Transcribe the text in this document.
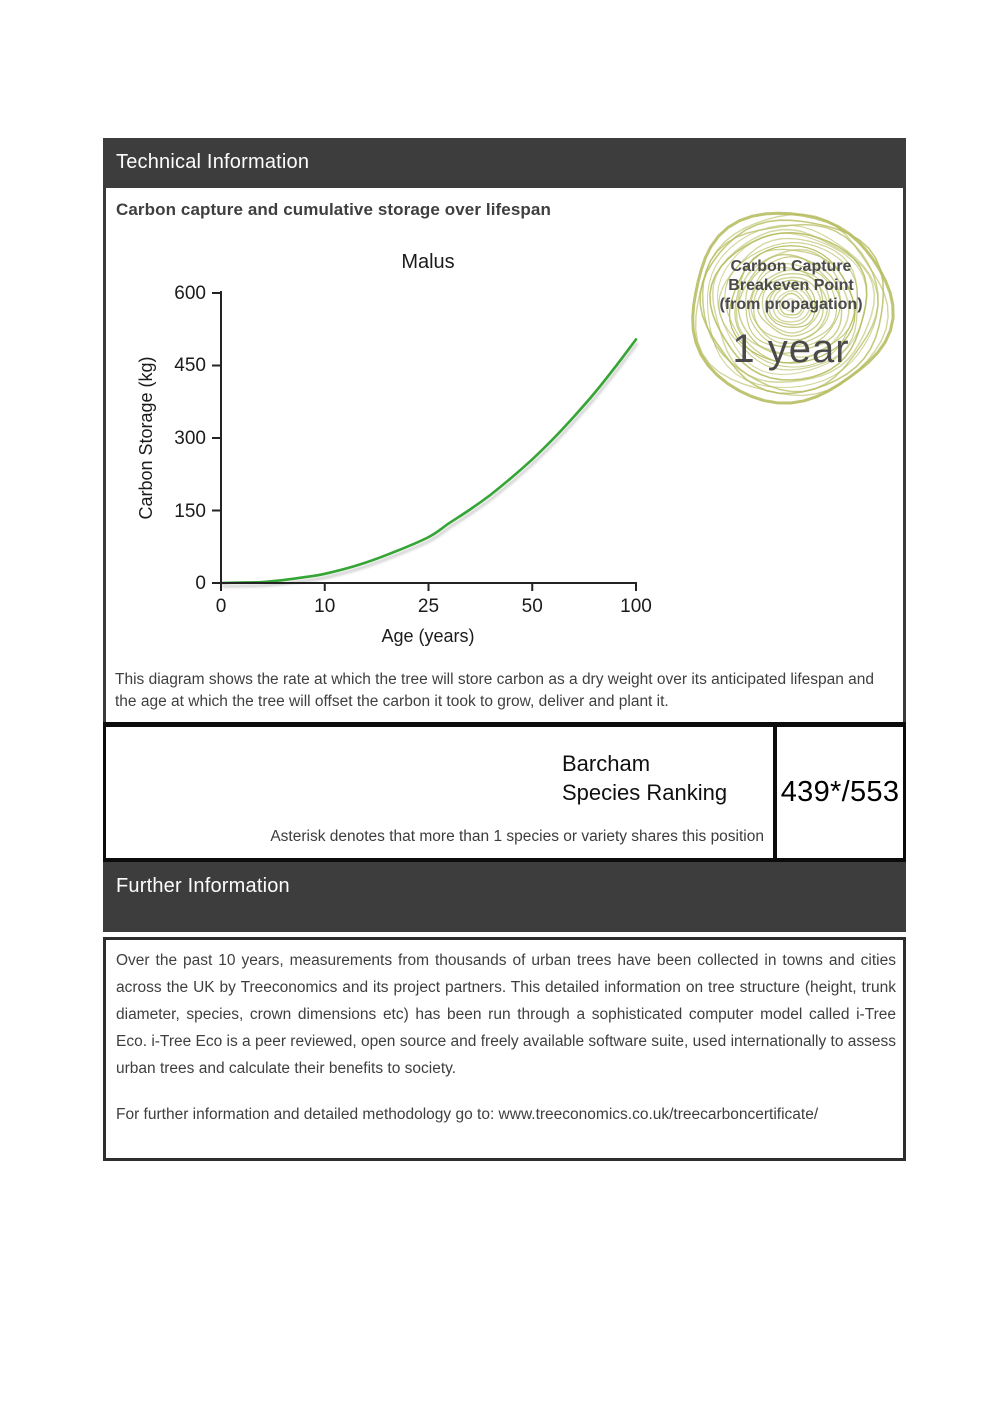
Technical Information
Carbon capture and cumulative storage over lifespan
Malus
600
450
300
150
0
0	10	25	50	100
Age (years)
Carbon Storage (kg)
Carbon Capture
Breakeven Point
(from propagation)
1 year
This diagram shows the rate at which the tree will store carbon as a dry weight over its anticipated lifespan and the age at which the tree will offset the carbon it took to grow, deliver and plant it.
Barcham
Species Ranking
Asterisk denotes that more than 1 species or variety shares this position
439*/553
Further Information

Over the past 10 years, measurements from thousands of urban trees have been collected in towns and cities across the UK by Treeconomics and its project partners. This detailed information on tree structure (height, trunk diameter, species, crown dimensions etc) has been run through a sophisticated computer model called i-Tree Eco. i-Tree Eco is a peer reviewed, open source and freely available software suite, used internationally to assess urban trees and calculate their benefits to society.

For further information and detailed methodology go to: www.treeconomics.co.uk/treecarboncertificate/
